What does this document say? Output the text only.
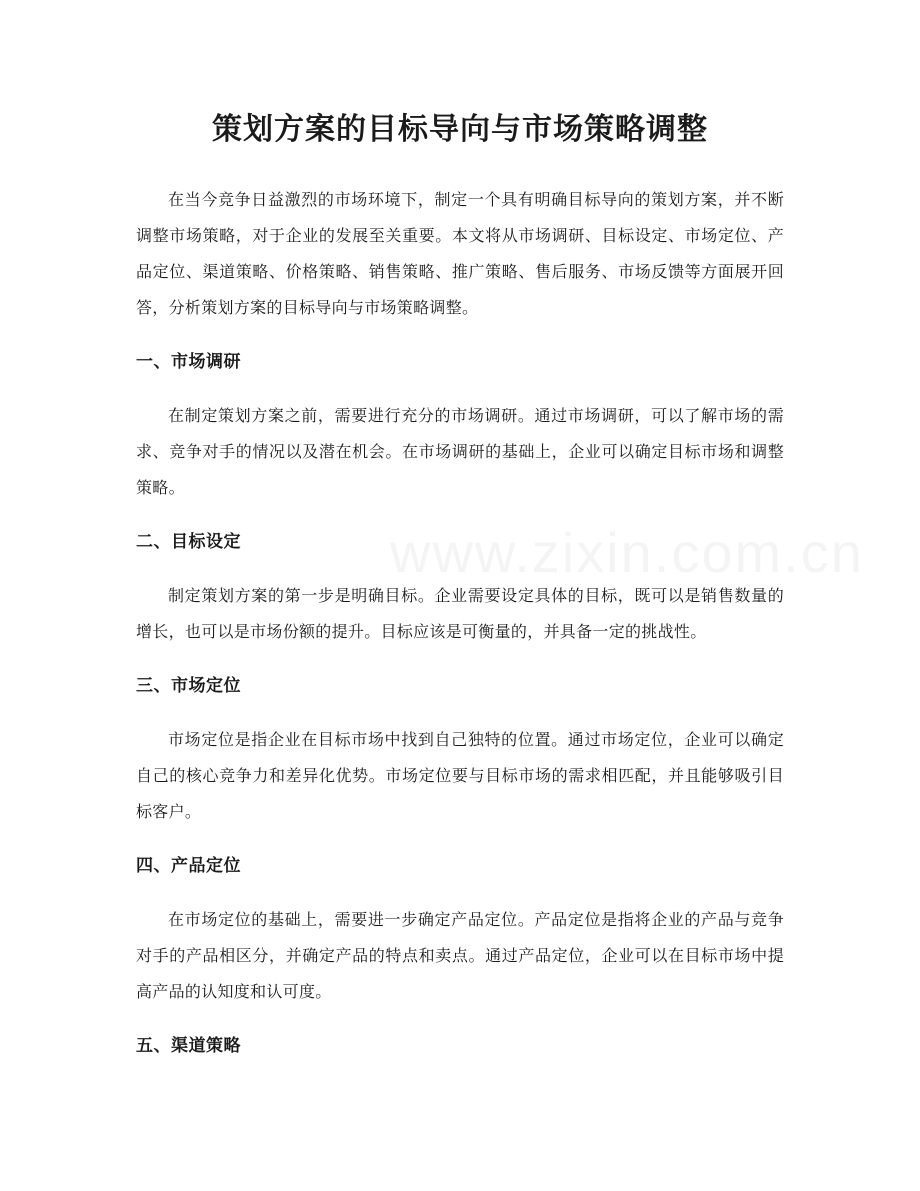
策划方案的目标导向与市场策略调整

在当今竞争日益激烈的市场环境下，制定一个具有明确目标导向的策划方案，并不断调整市场策略，对于企业的发展至关重要。本文将从市场调研、目标设定、市场定位、产品定位、渠道策略、价格策略、销售策略、推广策略、售后服务、市场反馈等方面展开回答，分析策划方案的目标导向与市场策略调整。

一、市场调研

在制定策划方案之前，需要进行充分的市场调研。通过市场调研，可以了解市场的需求、竞争对手的情况以及潜在机会。在市场调研的基础上，企业可以确定目标市场和调整策略。

二、目标设定

制定策划方案的第一步是明确目标。企业需要设定具体的目标，既可以是销售数量的增长，也可以是市场份额的提升。目标应该是可衡量的，并具备一定的挑战性。

三、市场定位

市场定位是指企业在目标市场中找到自己独特的位置。通过市场定位，企业可以确定自己的核心竞争力和差异化优势。市场定位要与目标市场的需求相匹配，并且能够吸引目标客户。

四、产品定位

在市场定位的基础上，需要进一步确定产品定位。产品定位是指将企业的产品与竞争对手的产品相区分，并确定产品的特点和卖点。通过产品定位，企业可以在目标市场中提高产品的认知度和认可度。

五、渠道策略
